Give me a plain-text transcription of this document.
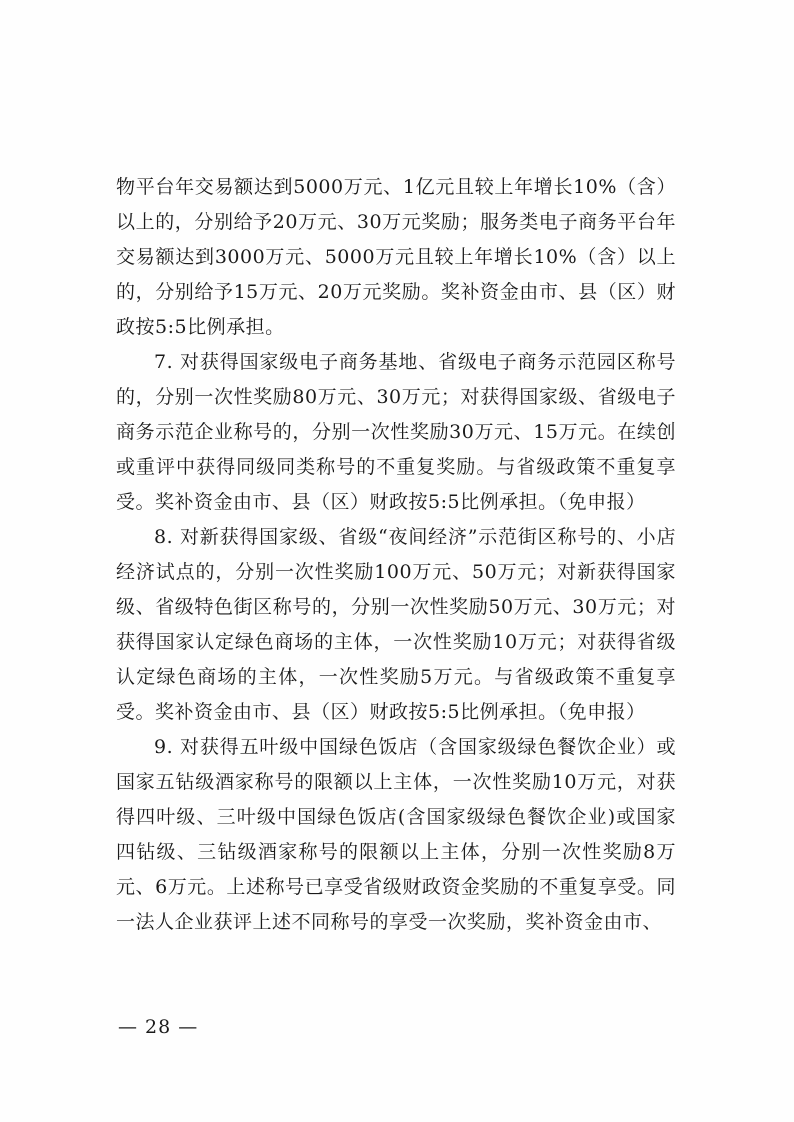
物平台年交易额达到5000万元、1亿元且较上年增长10%（含）以上的，分别给予20万元、30万元奖励；服务类电子商务平台年交易额达到3000万元、5000万元且较上年增长10%（含）以上的，分别给予15万元、20万元奖励。奖补资金由市、县（区）财政按5:5比例承担。

7. 对获得国家级电子商务基地、省级电子商务示范园区称号的，分别一次性奖励80万元、30万元；对获得国家级、省级电子商务示范企业称号的，分别一次性奖励30万元、15万元。在续创或重评中获得同级同类称号的不重复奖励。与省级政策不重复享受。奖补资金由市、县（区）财政按5:5比例承担。（免申报）

8. 对新获得国家级、省级“夜间经济”示范街区称号的、小店经济试点的，分别一次性奖励100万元、50万元；对新获得国家级、省级特色街区称号的，分别一次性奖励50万元、30万元；对获得国家认定绿色商场的主体，一次性奖励10万元；对获得省级认定绿色商场的主体，一次性奖励5万元。与省级政策不重复享受。奖补资金由市、县（区）财政按5:5比例承担。（免申报）

9. 对获得五叶级中国绿色饭店（含国家级绿色餐饮企业）或国家五钻级酒家称号的限额以上主体，一次性奖励10万元，对获得四叶级、三叶级中国绿色饭店(含国家级绿色餐饮企业)或国家四钻级、三钻级酒家称号的限额以上主体，分别一次性奖励8万元、6万元。上述称号已享受省级财政资金奖励的不重复享受。同一法人企业获评上述不同称号的享受一次奖励，奖补资金由市、

— 28 —
